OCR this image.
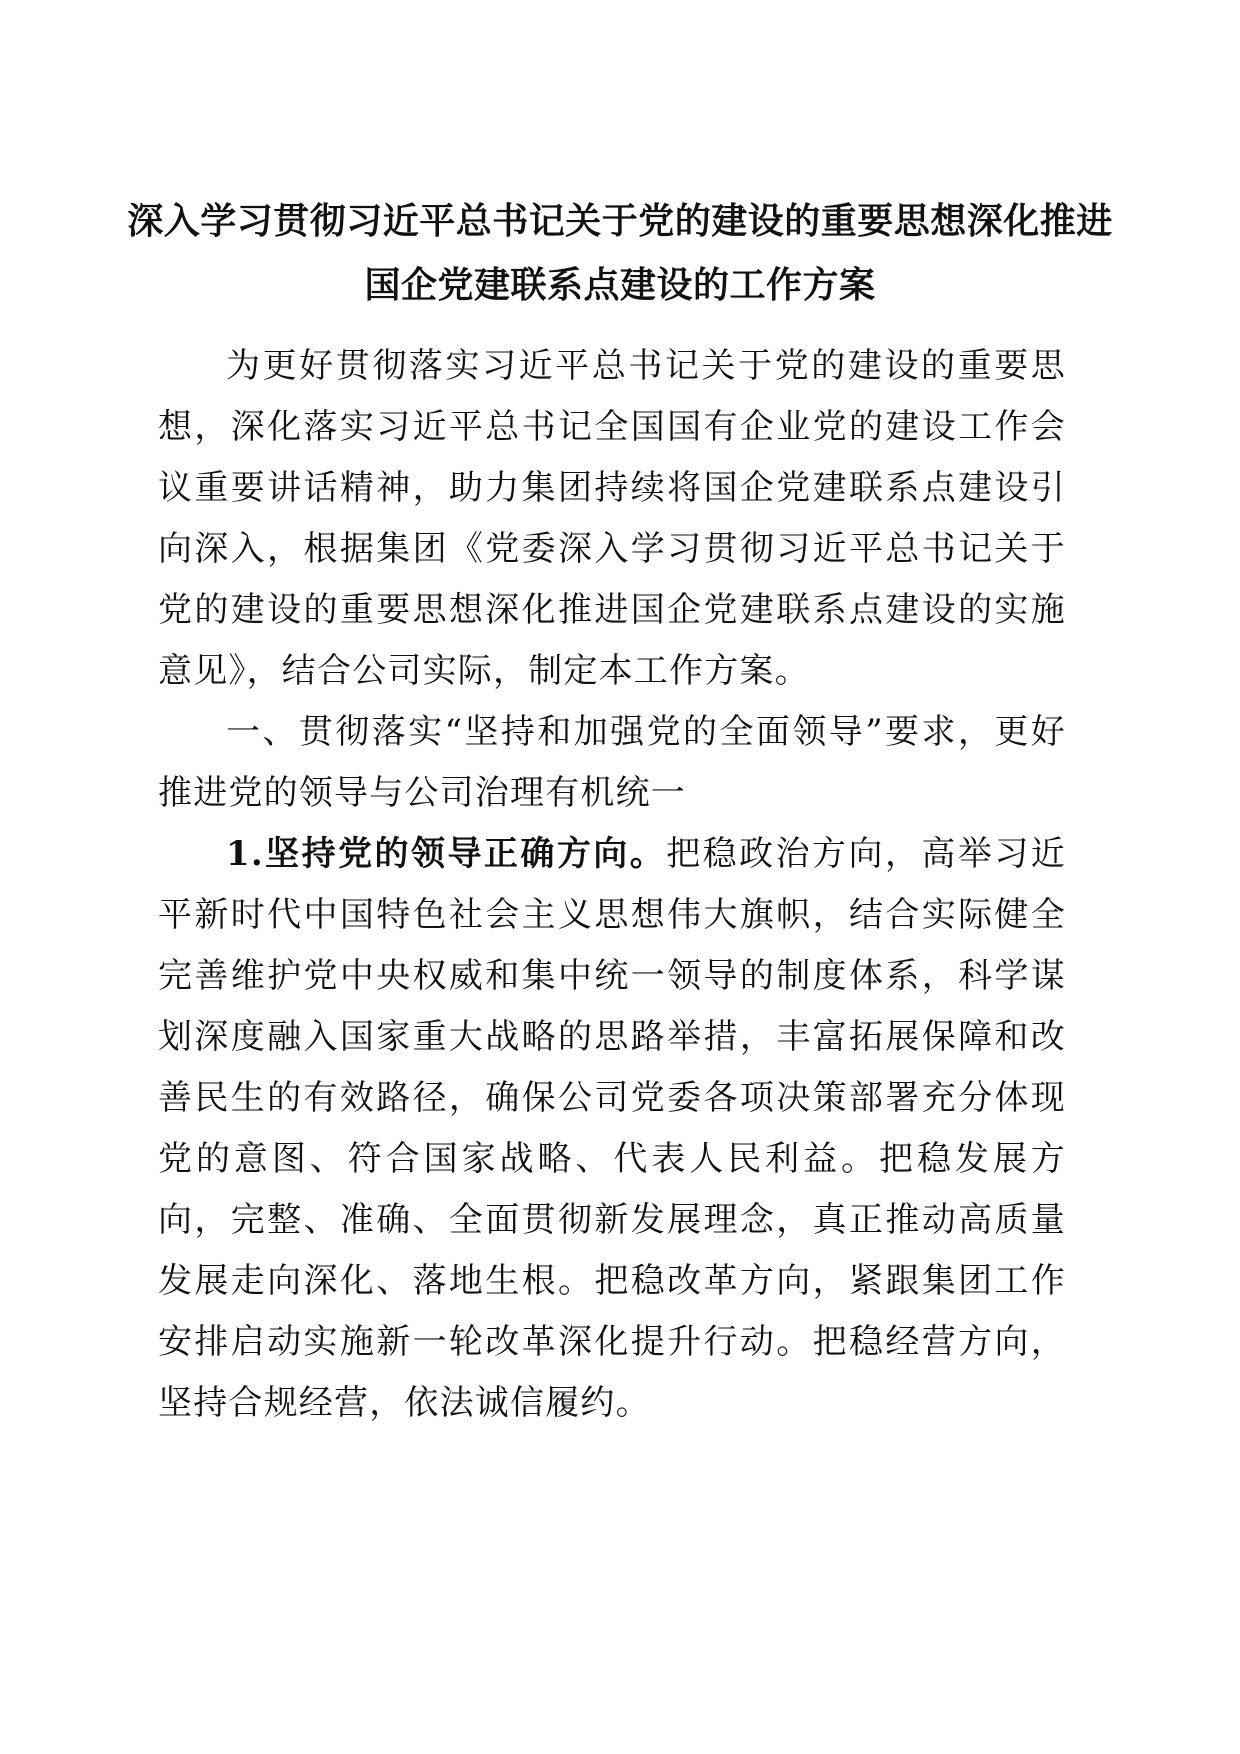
深入学习贯彻习近平总书记关于党的建设的重要思想深化推进
国企党建联系点建设的工作方案

为更好贯彻落实习近平总书记关于党的建设的重要思想，深化落实习近平总书记全国国有企业党的建设工作会议重要讲话精神，助力集团持续将国企党建联系点建设引向深入，根据集团《党委深入学习贯彻习近平总书记关于党的建设的重要思想深化推进国企党建联系点建设的实施意见》，结合公司实际，制定本工作方案。

一、贯彻落实“坚持和加强党的全面领导”要求，更好推进党的领导与公司治理有机统一

1.坚持党的领导正确方向。把稳政治方向，高举习近平新时代中国特色社会主义思想伟大旗帜，结合实际健全完善维护党中央权威和集中统一领导的制度体系，科学谋划深度融入国家重大战略的思路举措，丰富拓展保障和改善民生的有效路径，确保公司党委各项决策部署充分体现党的意图、符合国家战略、代表人民利益。把稳发展方向，完整、准确、全面贯彻新发展理念，真正推动高质量发展走向深化、落地生根。把稳改革方向，紧跟集团工作安排启动实施新一轮改革深化提升行动。把稳经营方向，坚持合规经营，依法诚信履约。
